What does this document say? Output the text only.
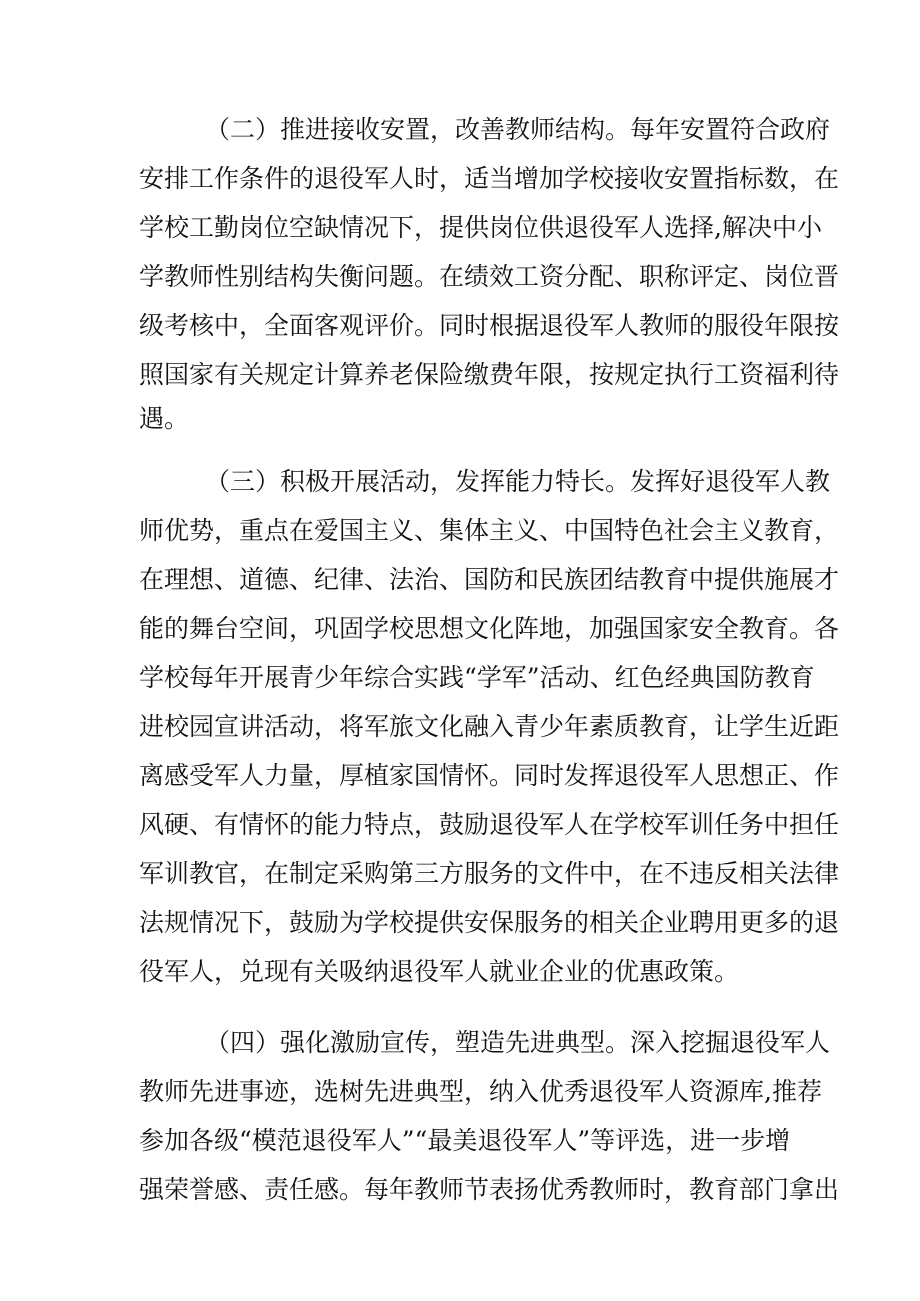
（二）推进接收安置，改善教师结构。每年安置符合政府
安排工作条件的退役军人时，适当增加学校接收安置指标数，在
学校工勤岗位空缺情况下，提供岗位供退役军人选择,解决中小
学教师性别结构失衡问题。在绩效工资分配、职称评定、岗位晋
级考核中，全面客观评价。同时根据退役军人教师的服役年限按
照国家有关规定计算养老保险缴费年限，按规定执行工资福利待
遇。
（三）积极开展活动，发挥能力特长。发挥好退役军人教
师优势，重点在爱国主义、集体主义、中国特色社会主义教育，
在理想、道德、纪律、法治、国防和民族团结教育中提供施展才
能的舞台空间，巩固学校思想文化阵地，加强国家安全教育。各
学校每年开展青少年综合实践“学军”活动、红色经典国防教育
进校园宣讲活动，将军旅文化融入青少年素质教育，让学生近距
离感受军人力量，厚植家国情怀。同时发挥退役军人思想正、作
风硬、有情怀的能力特点，鼓励退役军人在学校军训任务中担任
军训教官，在制定采购第三方服务的文件中，在不违反相关法律
法规情况下，鼓励为学校提供安保服务的相关企业聘用更多的退
役军人，兑现有关吸纳退役军人就业企业的优惠政策。
（四）强化激励宣传，塑造先进典型。深入挖掘退役军人
教师先进事迹，选树先进典型，纳入优秀退役军人资源库,推荐
参加各级“模范退役军人”“最美退役军人”等评选，进一步增
强荣誉感、责任感。每年教师节表扬优秀教师时，教育部门拿出
